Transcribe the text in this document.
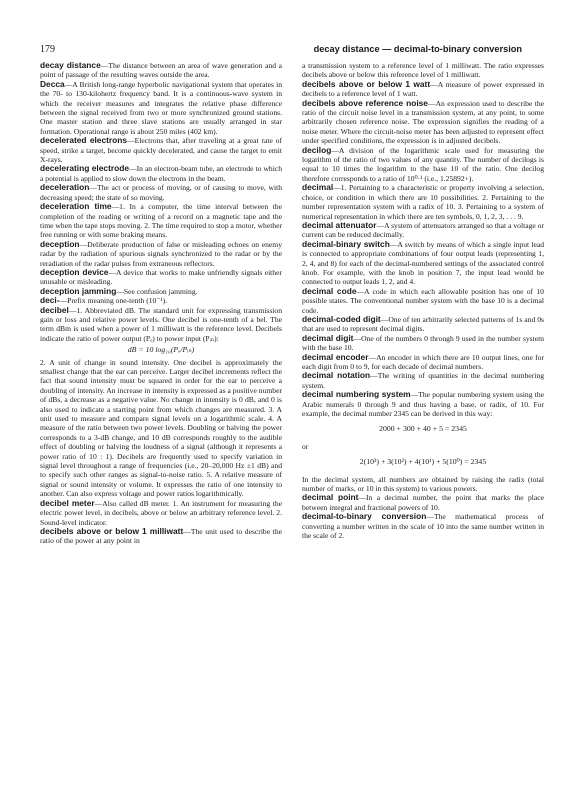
179	decay distance — decimal-to-binary conversion

decay distance—The distance between an area of wave generation and a point of passage of the resulting waves outside the area.

Decca—A British long-range hyperbolic navigational system that operates in the 70- to 130-kilohertz frequency band. It is a continuous-wave system in which the receiver measures and integrates the relative phase difference between the signal received from two or more synchronized ground stations. One master station and three slave stations are usually arranged in star formation. Operational range is about 250 miles (402 km).

decelerated electrons—Electrons that, after traveling at a great rate of speed, strike a target, become quickly decelerated, and cause the target to emit X-rays.

decelerating electrode—In an electron-beam tube, an electrode to which a potential is applied to slow down the electrons in the beam.

deceleration—The act or process of moving, or of causing to move, with decreasing speed; the state of so moving.

deceleration time—1. In a computer, the time interval between the completion of the reading or writing of a record on a magnetic tape and the time when the tape stops moving. 2. The time required to stop a motor, whether free running or with some braking means.

deception—Deliberate production of false or misleading echoes on enemy radar by the radiation of spurious signals synchronized to the radar or by the reradiation of the radar pulses from extraneous reflectors.

deception device—A device that works to make unfriendly signals either unusable or misleading.

deception jamming—See confusion jamming.

deci-—Prefix meaning one-tenth (10⁻¹).

decibel—1. Abbreviated dB. The standard unit for expressing transmission gain or loss and relative power levels. One decibel is one-tenth of a bel. The term dBm is used when a power of 1 milliwatt is the reference level. Decibels indicate the ratio of power output (Pₒ) to power input (Pᵢₙ):

dB = 10 log₁₀(Pₒ/Pᵢₙ)

2. A unit of change in sound intensity. One decibel is approximately the smallest change that the ear can perceive. Larger decibel increments reflect the fact that sound intensity must be squared in order for the ear to perceive a doubling of intensity. An increase in intensity is expressed as a positive number of dBs, a decrease as a negative value. No change in intensity is 0 dB, and 0 is also used to indicate a starting point from which changes are measured. 3. A unit used to measure and compare signal levels on a logarithmic scale. 4. A measure of the ratio between two power levels. Doubling or halving the power corresponds to a 3-dB change, and 10 dB corresponds roughly to the audible effect of doubling or halving the loudness of a signal (although it represents a power ratio of 10 : 1). Decibels are frequently used to specify variation in signal level throughout a range of frequencies (i.e., 20–20,000 Hz ±1 dB) and to specify such other ranges as signal-to-noise ratio. 5. A relative measure of signal or sound intensity or volume. It expresses the ratio of one intensity to another. Can also express voltage and power ratios logarithmically.

decibel meter—Also called dB meter. 1. An instrument for measuring the electric power level, in decibels, above or below an arbitrary reference level. 2. Sound-level indicator.

decibels above or below 1 milliwatt—The unit used to describe the ratio of the power at any point in

a transmission system to a reference level of 1 milliwatt. The ratio expresses decibels above or below this reference level of 1 milliwatt.

decibels above or below 1 watt—A measure of power expressed in decibels to a reference level of 1 watt.

decibels above reference noise—An expression used to describe the ratio of the circuit noise level in a transmission system, at any point, to some arbitrarily chosen reference noise. The expression signifies the reading of a noise meter. Where the circuit-noise meter has been adjusted to represent effect under specified conditions, the expression is in adjusted decibels.

decilog—A division of the logarithmic scale used for measuring the logarithm of the ratio of two values of any quantity. The number of decilogs is equal to 10 times the logarithm to the base 10 of the ratio. One decilog therefore corresponds to a ratio of 10⁰·¹ (i.e., 1.25892+).

decimal—1. Pertaining to a characteristic or property involving a selection, choice, or condition in which there are 10 possibilities. 2. Pertaining to the number representation system with a radix of 10. 3. Pertaining to a system of numerical representation in which there are ten symbols, 0, 1, 2, 3, . . . 9.

decimal attenuator—A system of attenuators arranged so that a voltage or current can be reduced decimally.

decimal-binary switch—A switch by means of which a single input lead is connected to appropriate combinations of four output leads (representing 1, 2, 4, and 8) for each of the decimal-numbered settings of the associated control knob. For example, with the knob in position 7, the input lead would be connected to output leads 1, 2, and 4.

decimal code—A code in which each allowable position has one of 10 possible states. The conventional number system with the base 10 is a decimal code.

decimal-coded digit—One of ten arbitrarily selected patterns of 1s and 0s that are used to represent decimal digits.

decimal digit—One of the numbers 0 through 9 used in the number system with the base 10.

decimal encoder—An encoder in which there are 10 output lines, one for each digit from 0 to 9, for each decade of decimal numbers.

decimal notation—The writing of quantities in the decimal numbering system.

decimal numbering system—The popular numbering system using the Arabic numerals 0 through 9 and thus having a base, or radix, of 10. For example, the decimal number 2345 can be derived in this way:

2000 + 300 + 40 + 5 = 2345
or
2(10³) + 3(10²) + 4(10¹) + 5(10⁰) = 2345

In the decimal system, all numbers are obtained by raising the radix (total number of marks, or 10 in this system) to various powers.

decimal point—In a decimal number, the point that marks the place between integral and fractional powers of 10.

decimal-to-binary conversion—The mathematical process of converting a number written in the scale of 10 into the same number written in the scale of 2.
